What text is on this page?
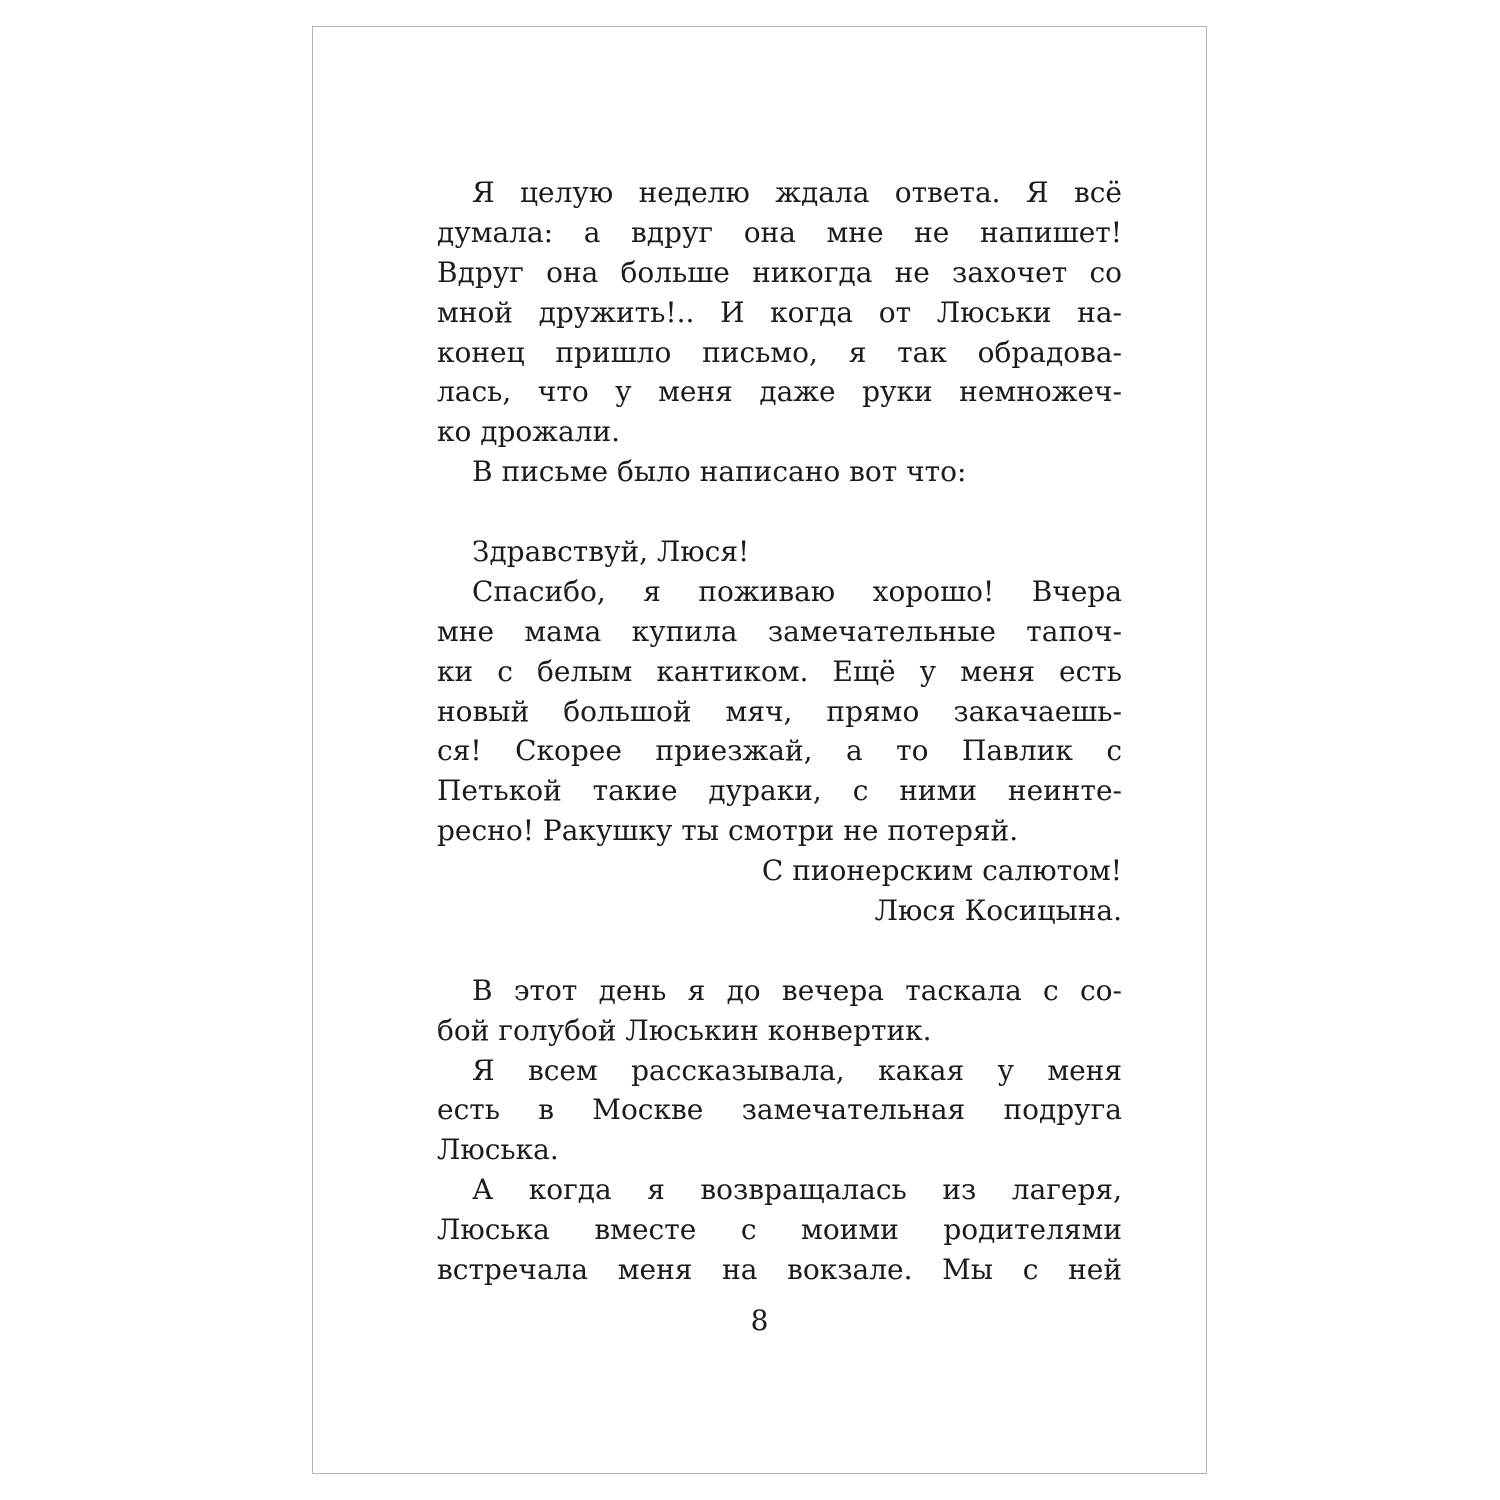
Я целую неделю ждала ответа. Я всё
думала: а вдруг она мне не напишет!
Вдруг она больше никогда не захочет со
мной дружить!.. И когда от Люськи на-
конец пришло письмо, я так обрадова-
лась, что у меня даже руки немножеч-
ко дрожали.
В письме было написано вот что:
Здравствуй, Люся!
Спасибо, я поживаю хорошо! Вчера
мне мама купила замечательные тапоч-
ки с белым кантиком. Ещё у меня есть
новый большой мяч, прямо закачаешь-
ся! Скорее приезжай, а то Павлик с
Петькой такие дураки, с ними неинте-
ресно! Ракушку ты смотри не потеряй.
С пионерским салютом!
Люся Косицына.
В этот день я до вечера таскала с со-
бой голубой Люськин конвертик.
Я всем рассказывала, какая у меня
есть в Москве замечательная подруга
Люська.
А когда я возвращалась из лагеря,
Люська вместе с моими родителями
встречала меня на вокзале. Мы с ней
8
